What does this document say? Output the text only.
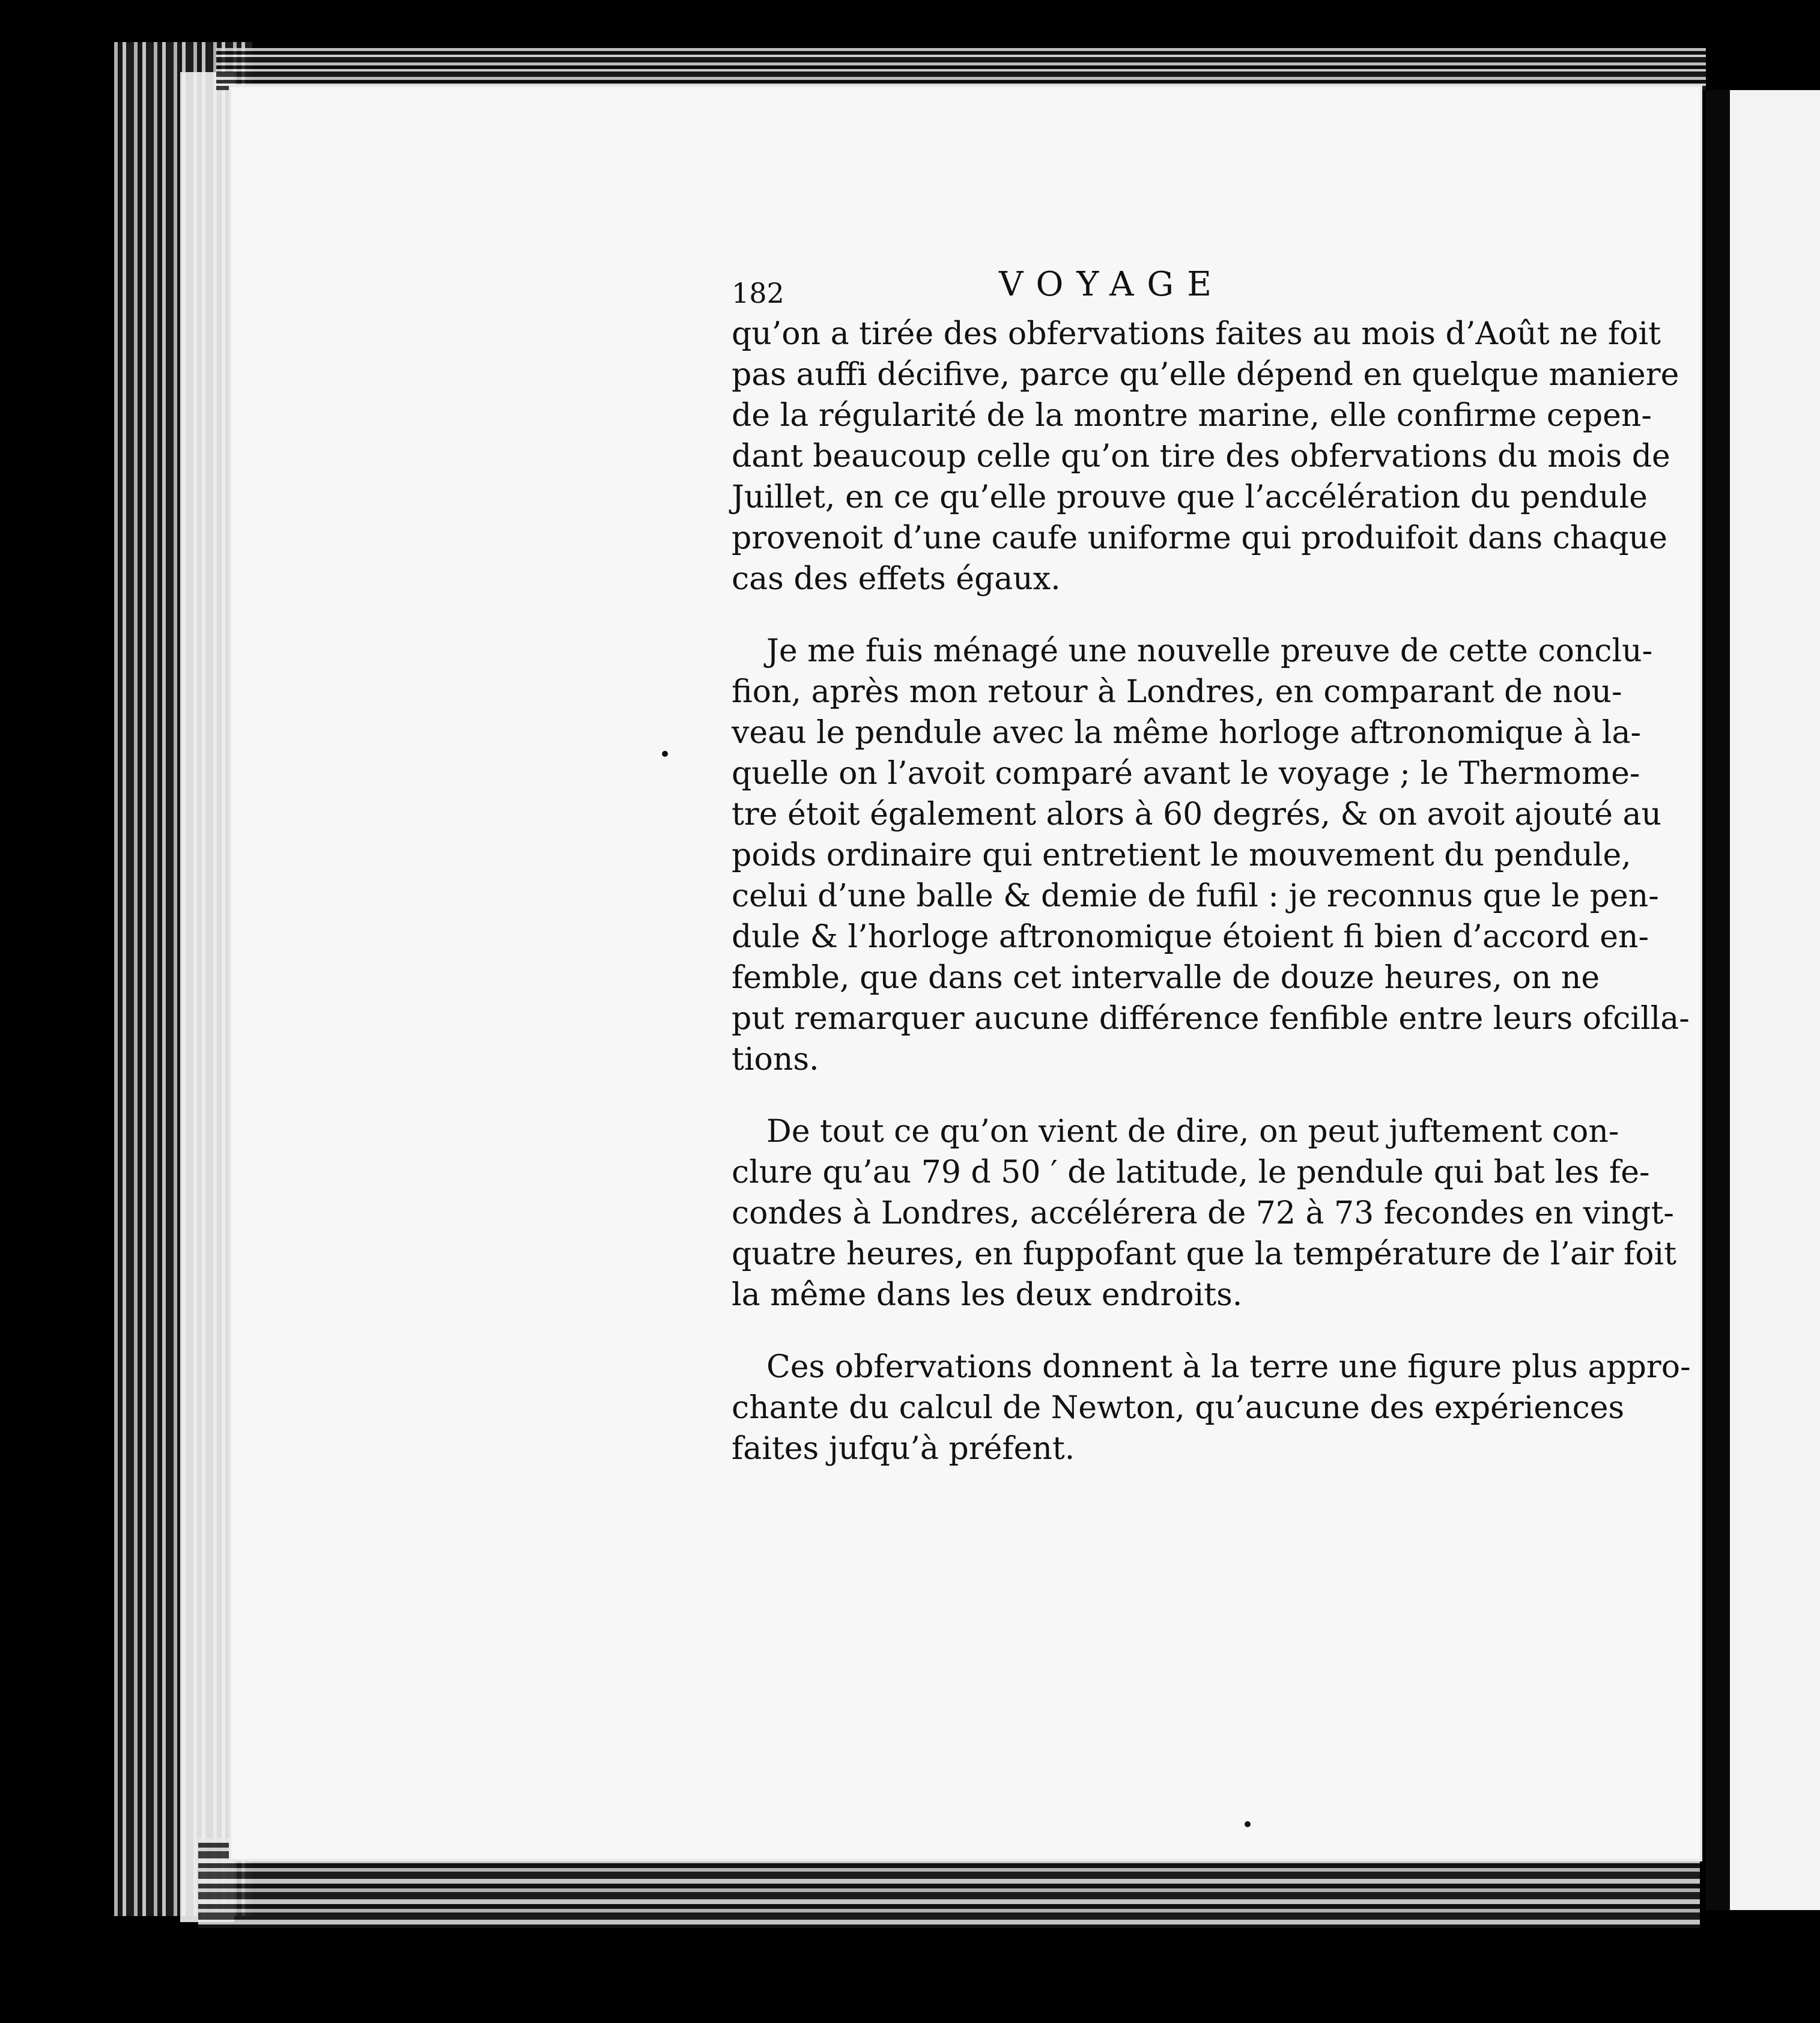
182	VOYAGE

qu’on a tirée des obfervations faites au mois d’Août ne foit
pas auffi décifive, parce qu’elle dépend en quelque maniere
de la régularité de la montre marine, elle confirme cepen-
dant beaucoup celle qu’on tire des obfervations du mois de
Juillet, en ce qu’elle prouve que l’accélération du pendule
provenoit d’une caufe uniforme qui produifoit dans chaque
cas des effets égaux.

Je me fuis ménagé une nouvelle preuve de cette conclu-
fion, après mon retour à Londres, en comparant de nou-
veau le pendule avec la même horloge aftronomique à la-
quelle on l’avoit comparé avant le voyage ; le Thermome-
tre étoit également alors à 60 degrés, & on avoit ajouté au
poids ordinaire qui entretient le mouvement du pendule,
celui d’une balle & demie de fufil : je reconnus que le pen-
dule & l’horloge aftronomique étoient fi bien d’accord en-
femble, que dans cet intervalle de douze heures, on ne
put remarquer aucune différence fenfible entre leurs ofcilla-
tions.

De tout ce qu’on vient de dire, on peut juftement con-
clure qu’au 79 d 50 ′ de latitude, le pendule qui bat les fe-
condes à Londres, accélérera de 72 à 73 fecondes en vingt-
quatre heures, en fuppofant que la température de l’air foit
la même dans les deux endroits.

Ces obfervations donnent à la terre une figure plus appro-
chante du calcul de Newton, qu’aucune des expériences
faites jufqu’à préfent.
